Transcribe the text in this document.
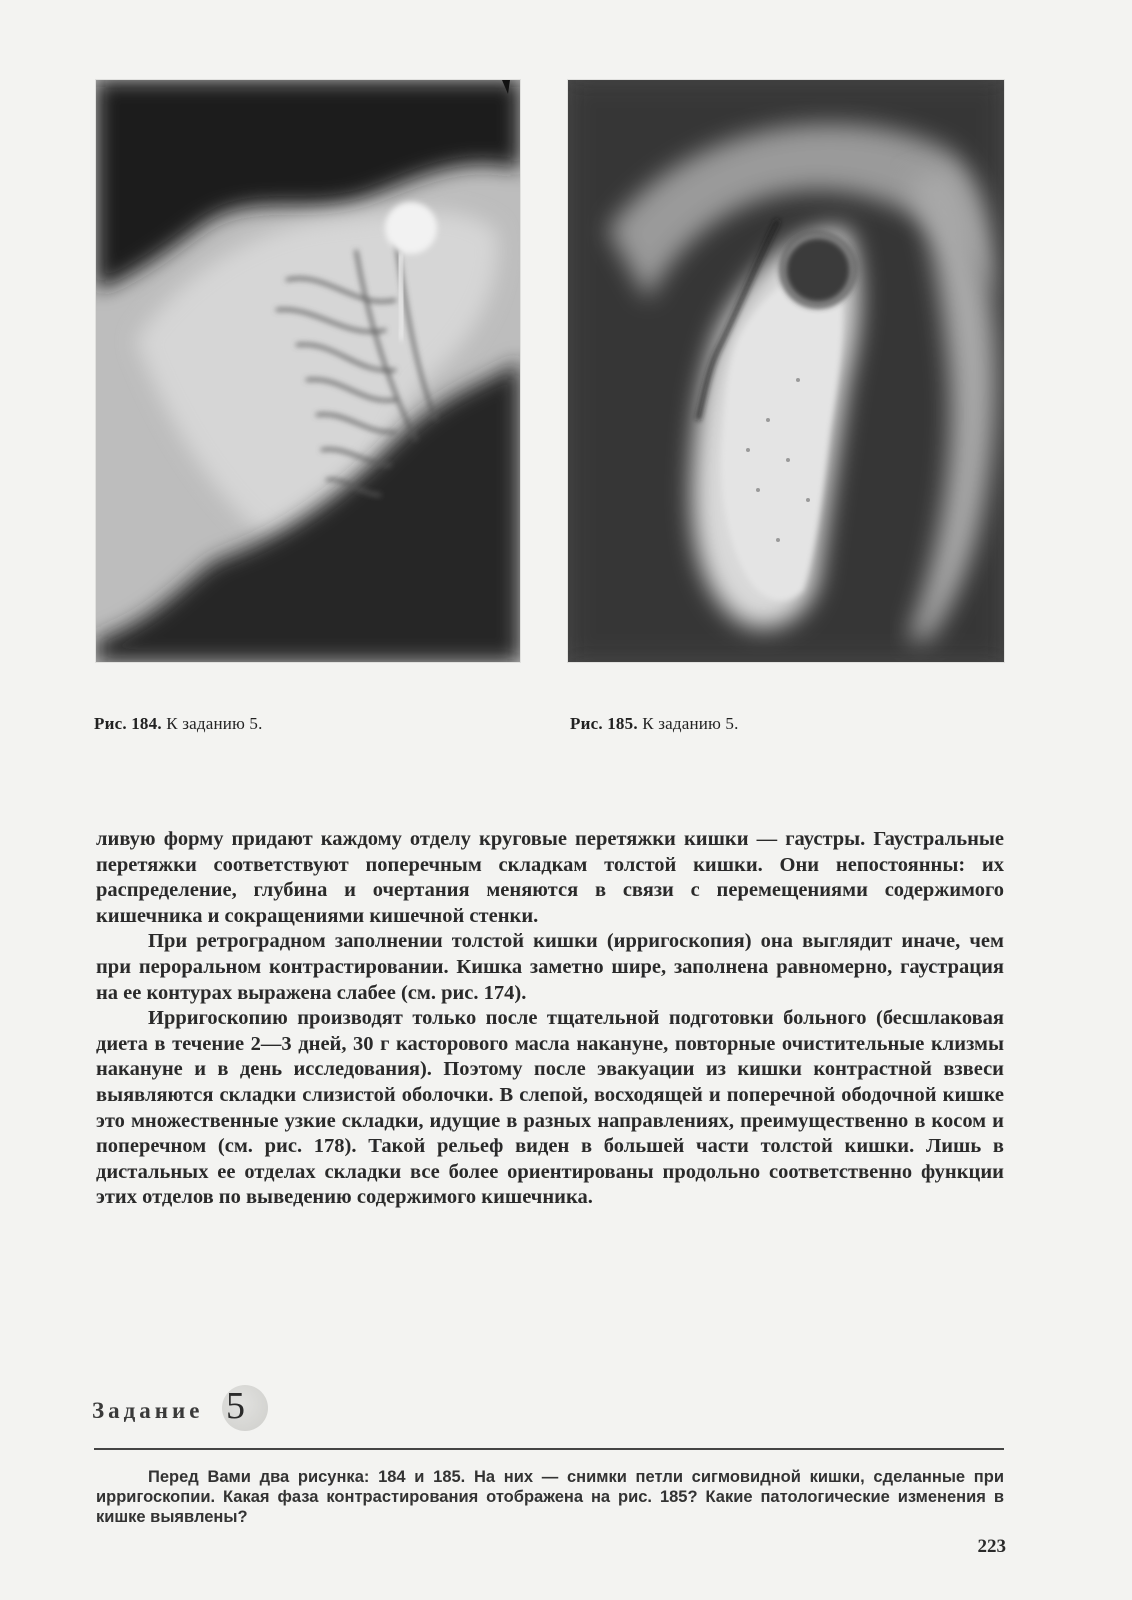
Рис. 184. К заданию 5.	Рис. 185. К заданию 5.

ливую форму придают каждому отделу круговые перетяжки кишки — гаустры. Гаустральные перетяжки соответствуют поперечным складкам толстой кишки. Они непостоянны: их распределение, глубина и очертания меняются в связи с перемещениями содержимого кишечника и сокращениями кишечной стенки.

При ретроградном заполнении толстой кишки (ирригоскопия) она выглядит иначе, чем при пероральном контрастировании. Кишка заметно шире, заполнена равномерно, гаустрация на ее контурах выражена слабее (см. рис. 174).

Ирригоскопию производят только после тщательной подготовки больного (бесшлаковая диета в течение 2—3 дней, 30 г касторового масла накануне, повторные очистительные клизмы накануне и в день исследования). Поэтому после эвакуации из кишки контрастной взвеси выявляются складки слизистой оболочки. В слепой, восходящей и поперечной ободочной кишке это множественные узкие складки, идущие в разных направлениях, преимущественно в косом и поперечном (см. рис. 178). Такой рельеф виден в большей части толстой кишки. Лишь в дистальных ее отделах складки все более ориентированы продольно соответственно функции этих отделов по выведению содержимого кишечника.

Задание 5

Перед Вами два рисунка: 184 и 185. На них — снимки петли сигмовидной кишки, сделанные при ирригоскопии. Какая фаза контрастирования отображена на рис. 185? Какие патологические изменения в кишке выявлены?

223
